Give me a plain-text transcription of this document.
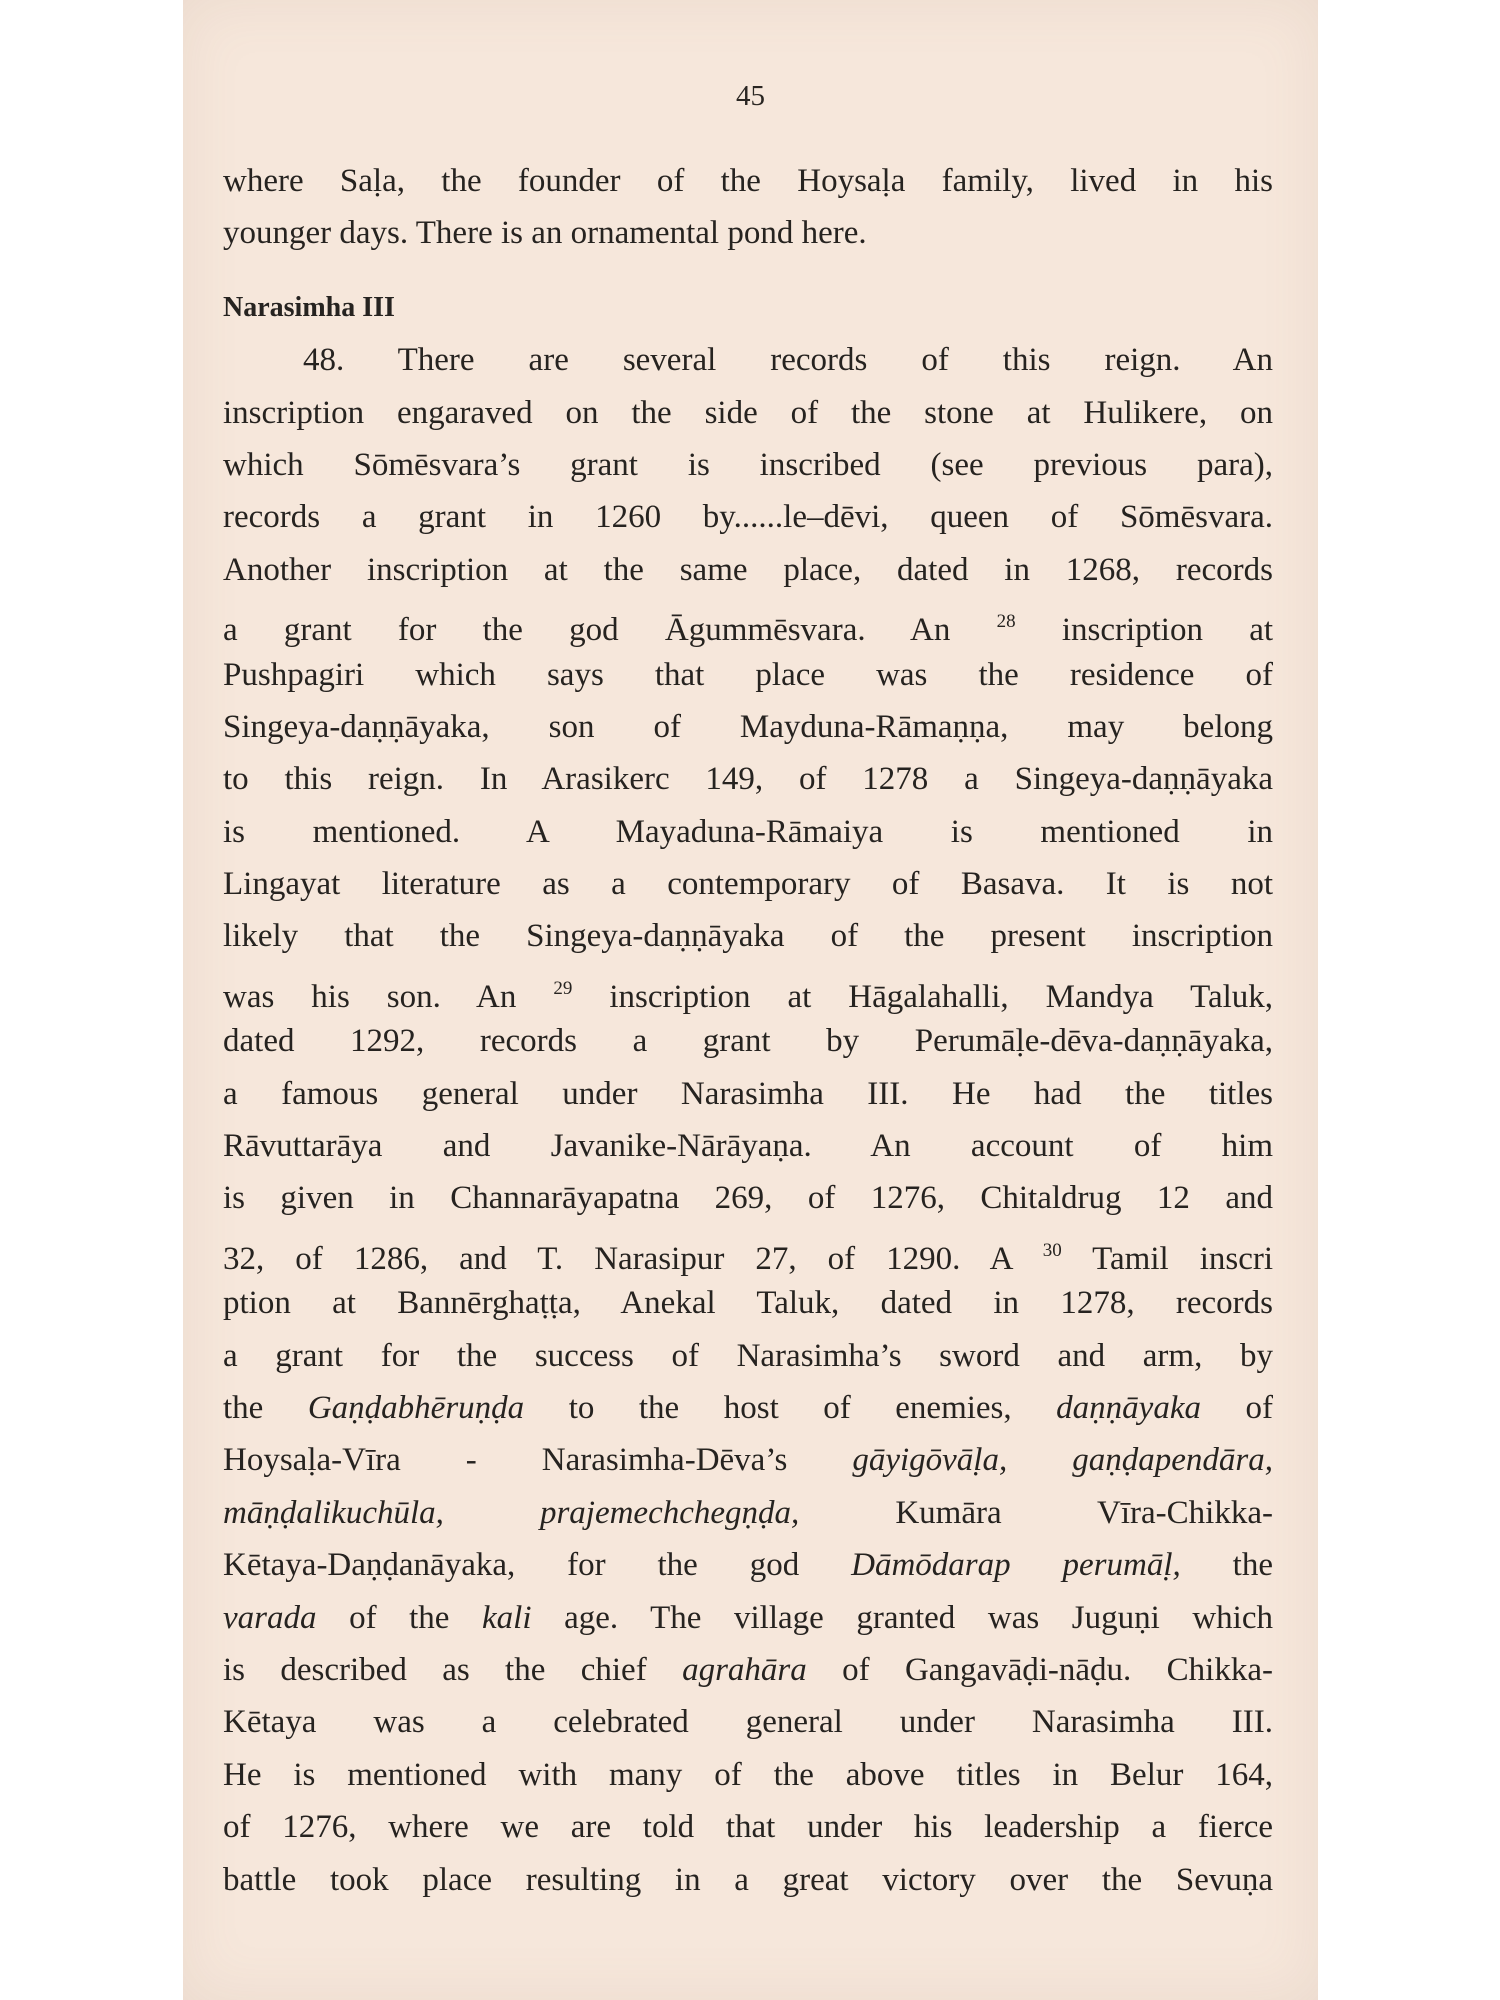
45
where Saḷa, the founder of the Hoysaḷa family, lived in his
younger days. There is an ornamental pond here.
Narasimha III
48. There are several records of this reign. An
inscription engaraved on the side of the stone at Hulikere, on
which Sōmēsvara’s grant is inscribed (see previous para),
records a grant in 1260 by......le–dēvi, queen of Sōmēsvara.
Another inscription at the same place, dated in 1268, records
a grant for the god Āgummēsvara. An $^{28}$ inscription at
Pushpagiri which says that place was the residence of
Singeya-daṇṇāyaka, son of Mayduna-Rāmaṇṇa, may belong
to this reign. In Arasikerc 149, of 1278 a Singeya-daṇṇāyaka
is mentioned. A Mayaduna-Rāmaiya is mentioned in
Lingayat literature as a contemporary of Basava. It is not
likely that the Singeya-daṇṇāyaka of the present inscription
was his son. An $^{29}$ inscription at Hāgalahalli, Mandya Taluk,
dated 1292, records a grant by Perumāḷe-dēva-daṇṇāyaka,
a famous general under Narasimha III. He had the titles
Rāvuttarāya and Javanike-Nārāyaṇa. An account of him
is given in Channarāyapatna 269, of 1276, Chitaldrug 12 and
32, of 1286, and T. Narasipur 27, of 1290. A $^{30}$ Tamil inscri
ption at Bannērghaṭṭa, Anekal Taluk, dated in 1278, records
a grant for the success of Narasimha’s sword and arm, by
the Gaṇḍabhēruṇḍa to the host of enemies, daṇṇāyaka of
Hoysaḷa-Vīra - Narasimha-Dēva’s gāyigōvāḷa, gaṇḍapendāra,
māṇḍalikuchūla,	prajemechchegṇḍa, Kumāra Vīra-Chikka-
Kētaya-Daṇḍanāyaka, for the god Dāmōdarap perumāḷ, the
varada of the kali age. The village granted was Juguṇi which
is described as the chief agrahāra of Gangavāḍi-nāḍu. Chikka-
Kētaya was a celebrated general under Narasimha III.
He is mentioned with many of the above titles in Belur 164,
of 1276, where we are told that under his leadership a fierce
battle took place resulting in a great victory over the Sevuṇa
